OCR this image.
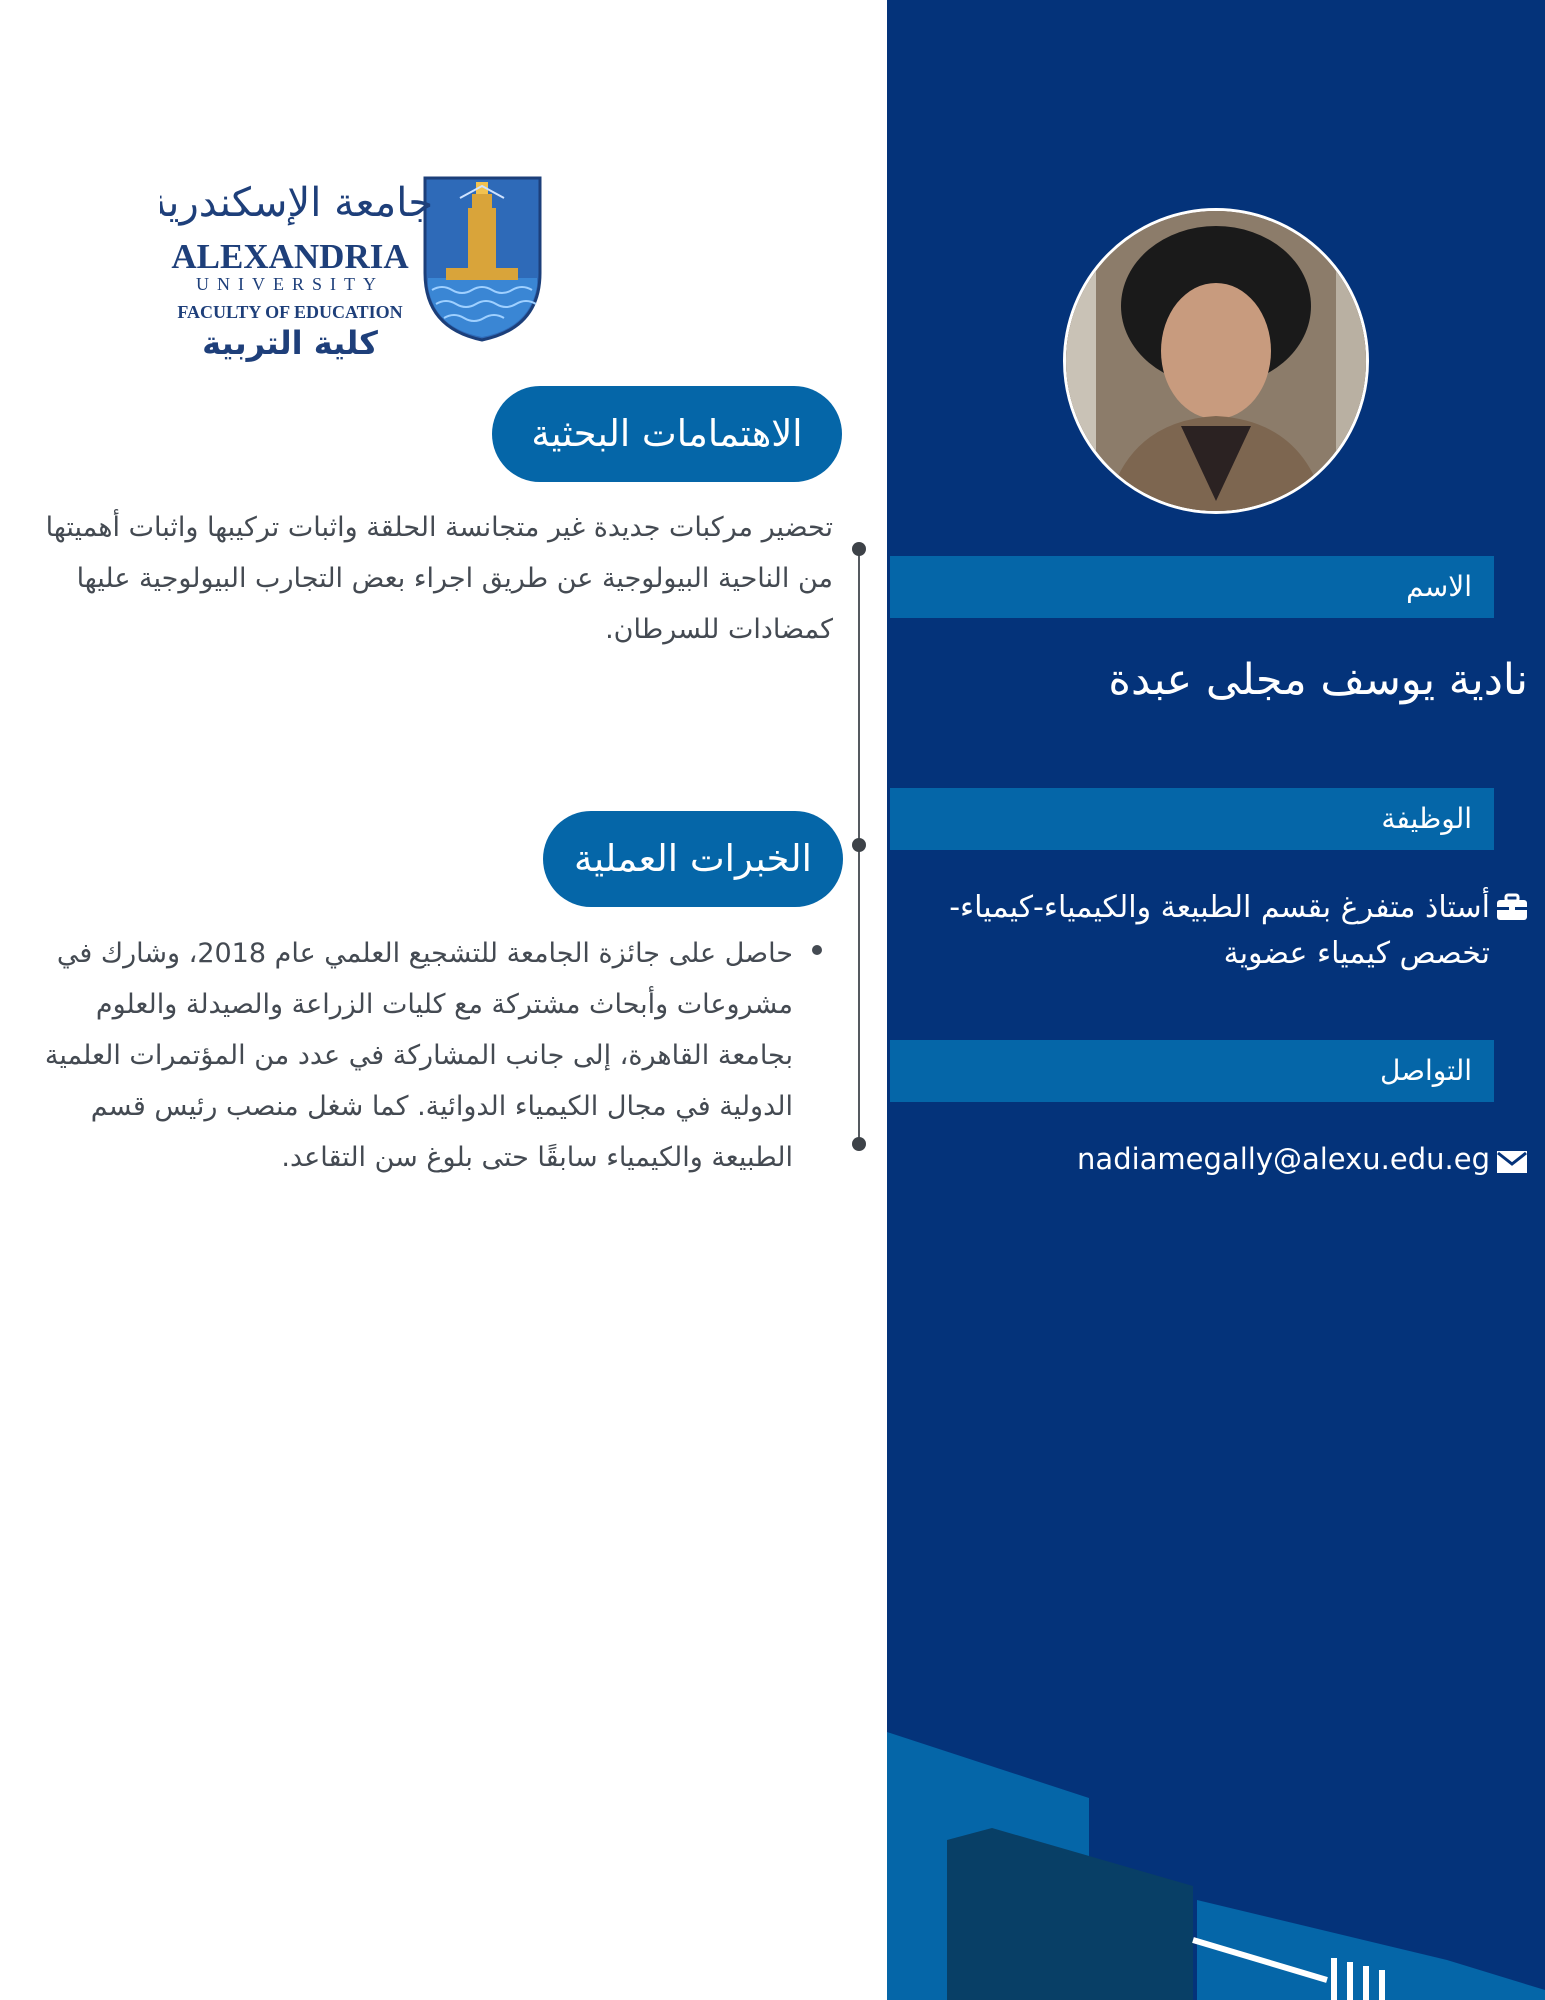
جامعة الإسكندرية
ALEXANDRIA
UNIVERSITY
FACULTY OF EDUCATION
كلية التربية
الاهتمامات البحثية
تحضير مركبات جديدة غير متجانسة الحلقة واثبات تركيبها واثبات أهميتها من الناحية البيولوجية عن طريق اجراء بعض التجارب البيولوجية عليها كمضادات للسرطان.
الخبرات العملية
حاصل على جائزة الجامعة للتشجيع العلمي عام 2018، وشارك في مشروعات وأبحاث مشتركة مع كليات الزراعة والصيدلة والعلوم بجامعة القاهرة، إلى جانب المشاركة في عدد من المؤتمرات العلمية الدولية في مجال الكيمياء الدوائية. كما شغل منصب رئيس قسم الطبيعة والكيمياء سابقًا حتى بلوغ سن التقاعد.
الاسم
نادية يوسف مجلى عبدة
الوظيفة
أستاذ متفرغ بقسم الطبيعة والكيمياء-كيمياء- تخصص كيمياء عضوية
التواصل
nadiamegally@alexu.edu.eg
